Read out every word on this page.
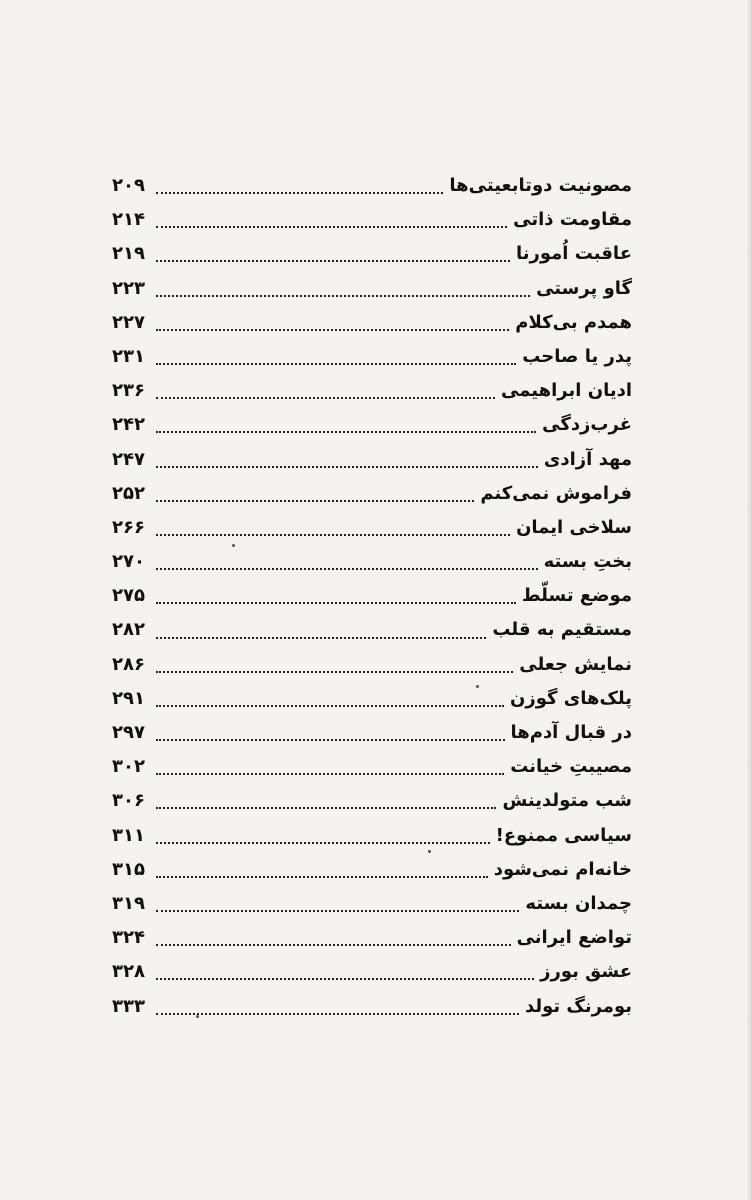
مصونیت دوتابعیتی‌ها
۲۰۹
مقاومت ذاتی
۲۱۴
عاقبت اُمورنا
۲۱۹
گاو پرستی
۲۲۳
همدم بی‌کلام
۲۲۷
پدر یا صاحب
۲۳۱
ادیان ابراهیمی
۲۳۶
غرب‌زدگی
۲۴۲
مهد آزادی
۲۴۷
فراموش نمی‌کنم
۲۵۲
سلاخی ایمان
۲۶۶
بختِ بسته
۲۷۰
موضع تسلّط
۲۷۵
مستقیم به قلب
۲۸۲
نمایش جعلی
۲۸۶
پلک‌های گوزن
۲۹۱
در قبال آدم‌ها
۲۹۷
مصیبتِ خیانت
۳۰۲
شب متولدینش
۳۰۶
سیاسی ممنوع!
۳۱۱
خانه‌ام نمی‌شود
۳۱۵
چمدان بسته
۳۱۹
تواضع ایرانی
۳۲۴
عشق بورز
۳۲۸
بومرنگ تولد
۳۳۳
